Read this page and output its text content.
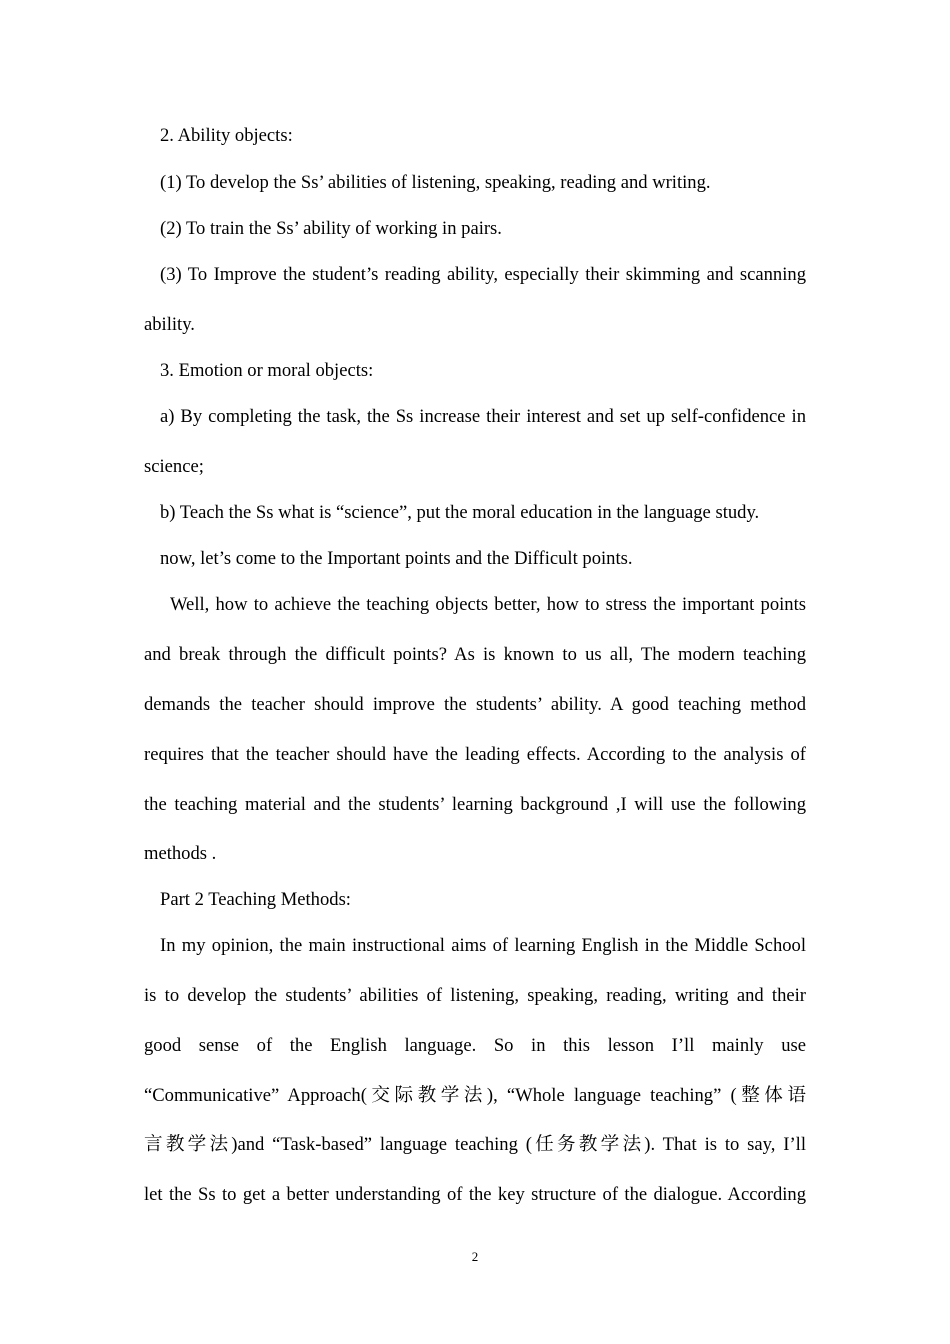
2. Ability objects:
(1) To develop the Ss’ abilities of listening, speaking, reading and writing.
(2) To train the Ss’ ability of working in pairs.
(3) To Improve the student’s reading ability, especially their skimming and scanning
ability.
3. Emotion or moral objects:
a) By completing the task, the Ss increase their interest and set up self-confidence in
science;
b) Teach the Ss what is “science”, put the moral education in the language study.
now, let’s come to the Important points and the Difficult points.
Well, how to achieve the teaching objects better, how to stress the important points
and break through the difficult points? As is known to us all, The modern teaching
demands the teacher should improve the students’ ability. A good teaching method
requires that the teacher should have the leading effects. According to the analysis of
the teaching material and the students’ learning background ,I will use the following
methods .
Part 2 Teaching Methods:
In my opinion, the main instructional aims of learning English in the Middle School
is to develop the students’ abilities of listening, speaking, reading, writing and their
good sense of the English language. So in this lesson I’ll mainly use
“Communicative” Approach(交际教学法), “Whole language teaching” (整体语
言教学法)and “Task-based” language teaching (任务教学法). That is to say, I’ll
let the Ss to get a better understanding of the key structure of the dialogue. According
2
